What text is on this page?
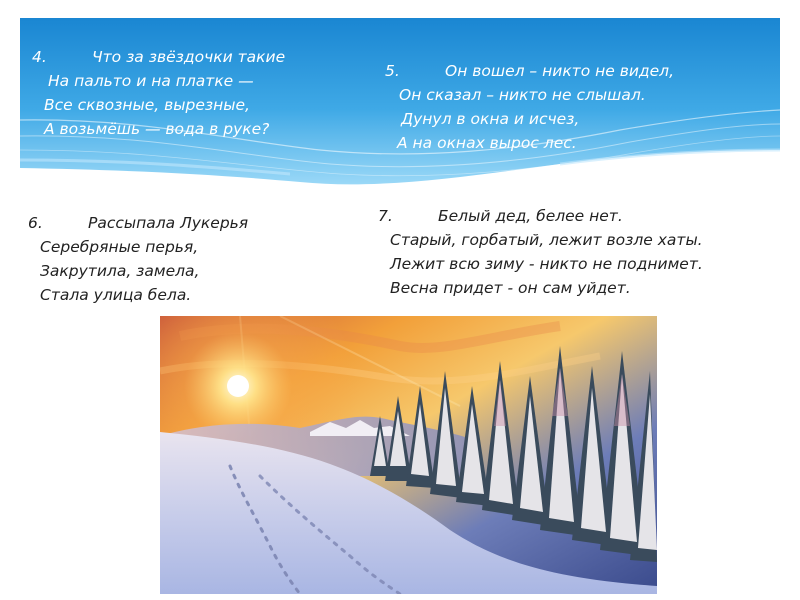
4.	Что за звёздочки такие
На пальто и на платке —
Все сквозные, вырезные,
А возьмёшь — вода в руке?
5.	Он вошел – никто не видел,
Он сказал – никто не слышал.
Дунул в окна и исчез,
А на окнах вырос лес.
6.	Рассыпала Лукерья
Серебряные перья,
Закрутила, замела,
Стала улица бела.
7.	Белый дед, белее нет.
Старый, горбатый, лежит возле хаты.
Лежит всю зиму - никто не поднимет.
Весна придет - он сам уйдет.
